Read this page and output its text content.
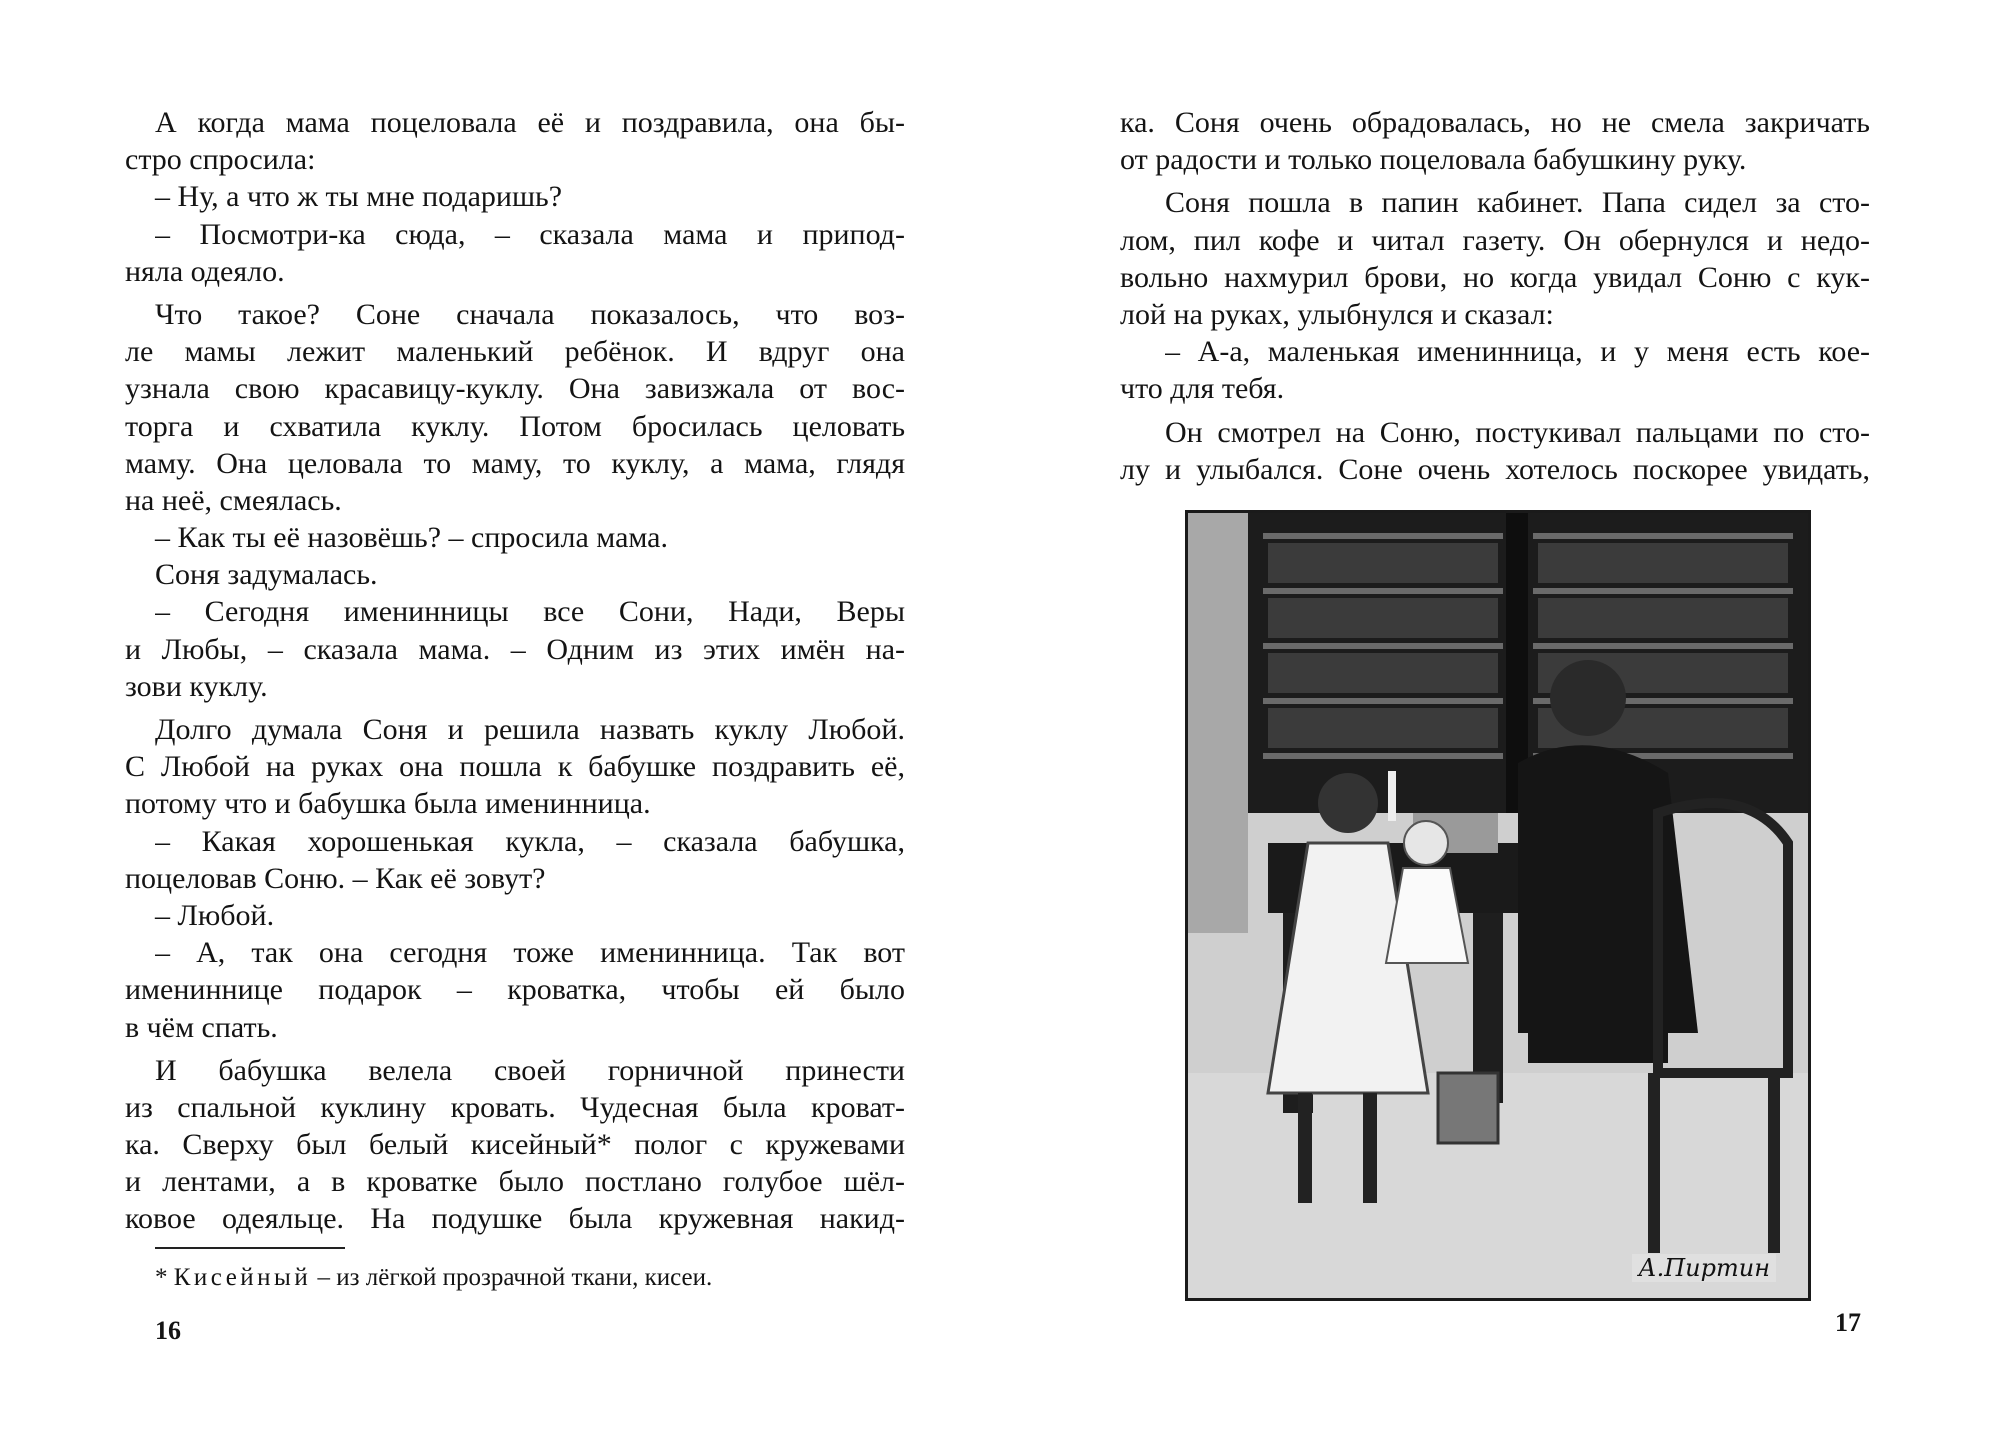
А когда мама поцеловала её и поздравила, она бы-
стро спросила:
– Ну, а что ж ты мне подаришь?
– Посмотри-ка сюда, – сказала мама и припод-
няла одеяло.
Что такое? Соне сначала показалось, что воз-
ле мамы лежит маленький ребёнок. И вдруг она
узнала свою красавицу-куклу. Она завизжала от вос-
торга и схватила куклу. Потом бросилась целовать
маму. Она целовала то маму, то куклу, а мама, глядя
на неё, смеялась.
– Как ты её назовёшь? – спросила мама.
Соня задумалась.
– Сегодня именинницы все Сони, Нади, Веры
и Любы, – сказала мама. – Одним из этих имён на-
зови куклу.
Долго думала Соня и решила назвать куклу Любой.
С Любой на руках она пошла к бабушке поздравить её,
потому что и бабушка была именинница.
– Какая хорошенькая кукла, – сказала бабушка,
поцеловав Соню. – Как её зовут?
– Любой.
– А, так она сегодня тоже именинница. Так вот
имениннице подарок – кроватка, чтобы ей было
в чём спать.
И бабушка велела своей горничной принести
из спальной куклину кровать. Чудесная была кроват-
ка. Сверху был белый кисейный* полог с кружевами
и лентами, а в кроватке было постлано голубое шёл-
ковое одеяльце. На подушке была кружевная накид-
* Кисейный – из лёгкой прозрачной ткани, кисеи.
16
ка. Соня очень обрадовалась, но не смела закричать
от радости и только поцеловала бабушкину руку.
Соня пошла в папин кабинет. Папа сидел за сто-
лом, пил кофе и читал газету. Он обернулся и недо-
вольно нахмурил брови, но когда увидал Соню с кук-
лой на руках, улыбнулся и сказал:
– А-а, маленькая именинница, и у меня есть кое-
что для тебя.
Он смотрел на Соню, постукивал пальцами по сто-
лу и улыбался. Соне очень хотелось поскорее увидать,
А.Пиртин
17
